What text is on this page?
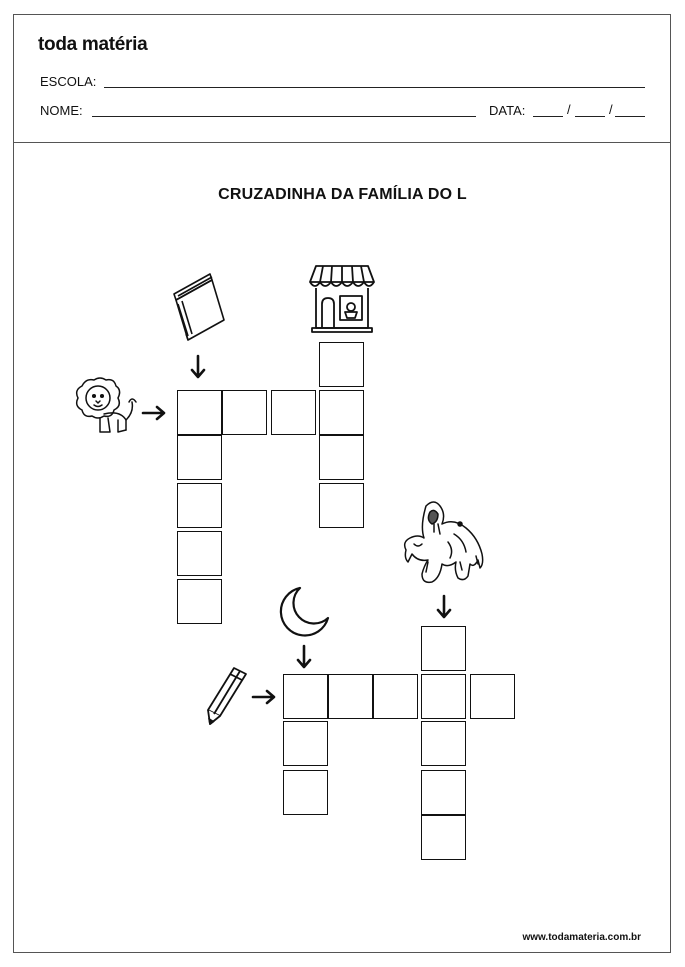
toda matéria
ESCOLA:
NOME:	DATA:	/	/
CRUZADINHA DA FAMÍLIA DO L
www.todamateria.com.br
